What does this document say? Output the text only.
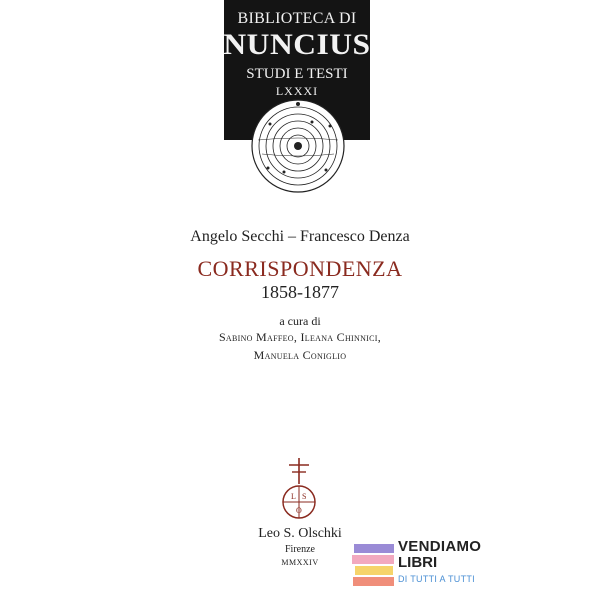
BIBLIOTECA DI
NUNCIUS
STUDI E TESTI
LXXXI
Angelo Secchi – Francesco Denza
CORRISPONDENZA
1858-1877
a cura di
Sabino Maffeo, Ileana Chinnici,
Manuela Coniglio
L S
O
Leo S. Olschki
Firenze
MMXXIV
VENDIAMO
LIBRI
DI TUTTI A TUTTI
